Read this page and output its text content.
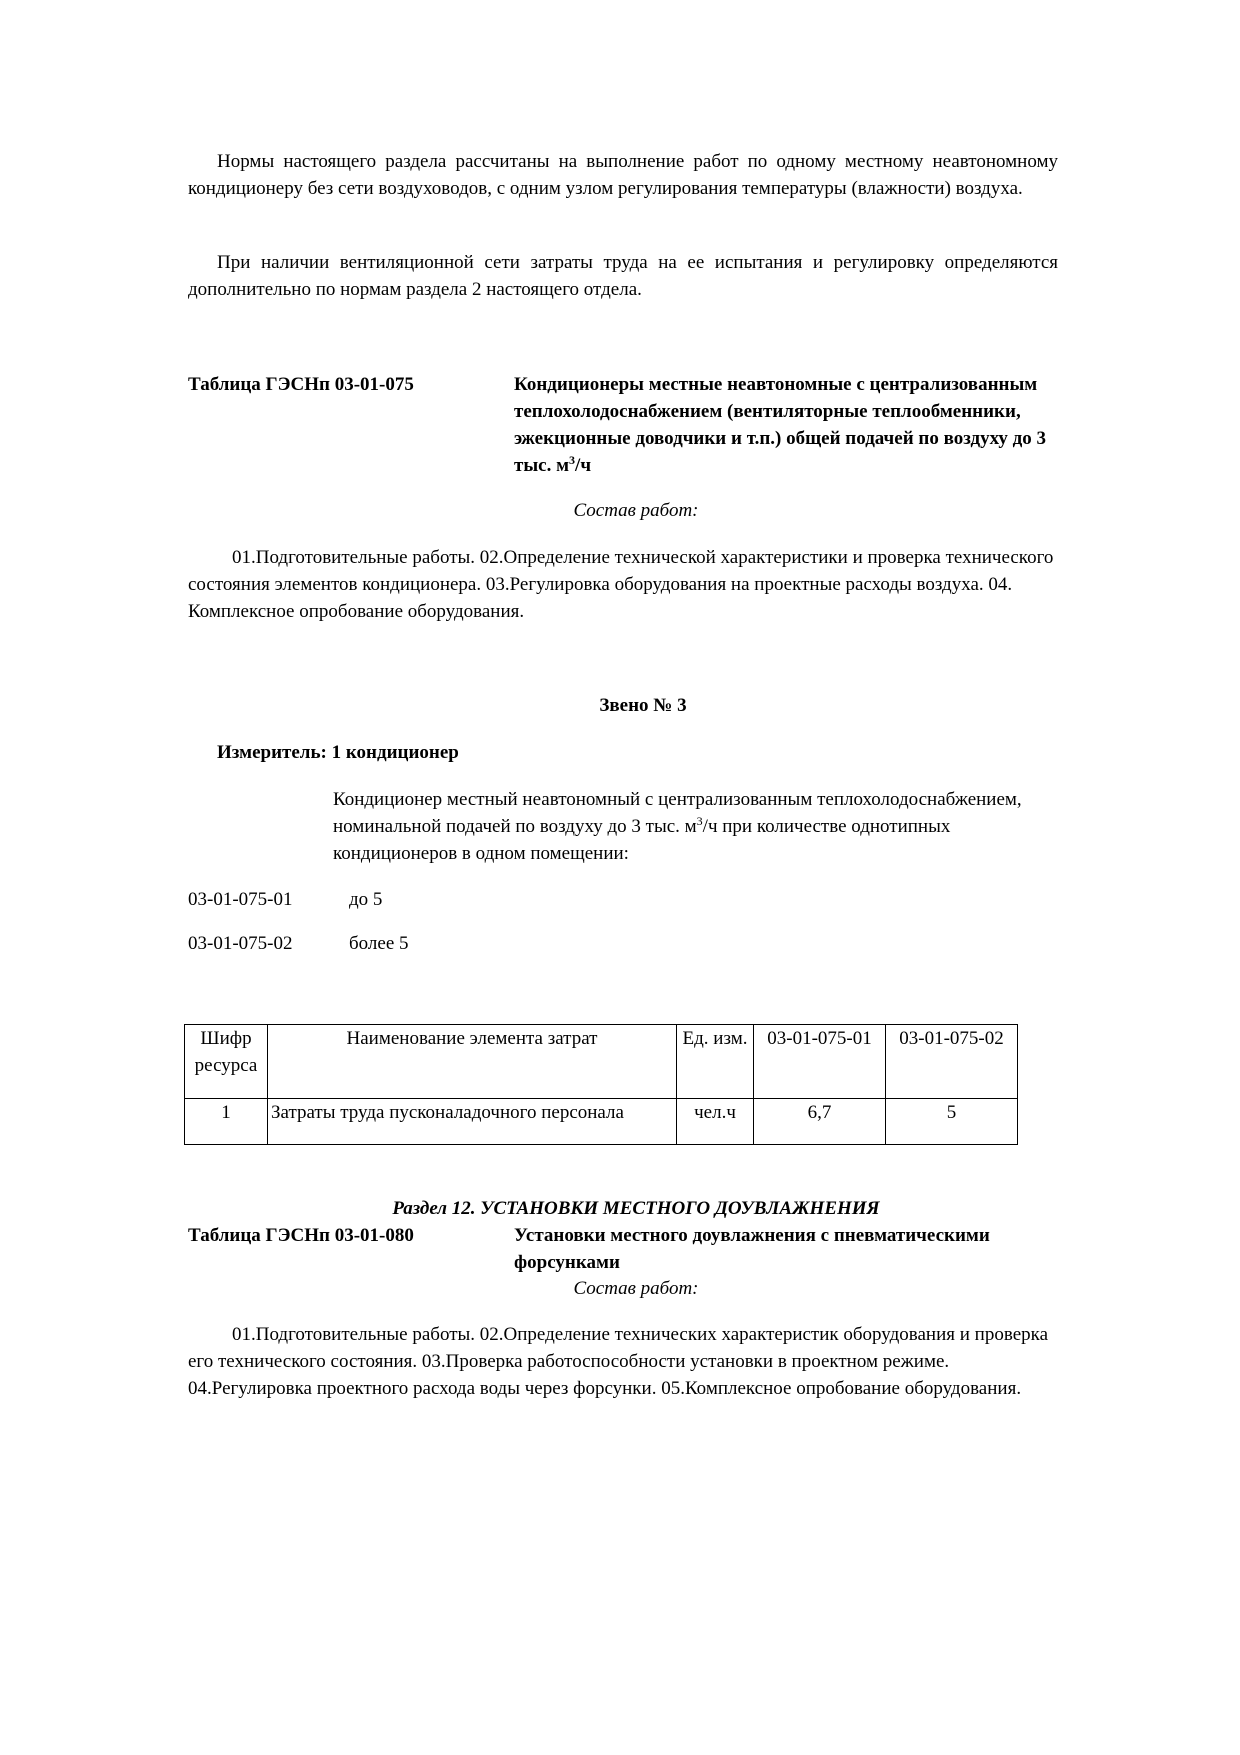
Нормы настоящего раздела рассчитаны на выполнение работ по одному местному неавтономному кондиционеру без сети воздуховодов, с одним узлом регулирования температуры (влажности) воздуха.

При наличии вентиляционной сети затраты труда на ее испытания и регулировку определяются дополнительно по нормам раздела 2 настоящего отдела.

Таблица ГЭСНп 03-01-075	Кондиционеры местные неавтономные с централизованным теплохолодоснабжением (вентиляторные теплообменники, эжекционные доводчики и т.п.) общей подачей по воздуху до 3 тыс. $м^3/ч$
Состав работ:

01.Подготовительные работы. 02.Определение технической характеристики и проверка технического состояния элементов кондиционера. 03.Регулировка оборудования на проектные расходы воздуха. 04. Комплексное опробование оборудования.

Звено № 3
Измеритель: 1 кондиционер

Кондиционер местный неавтономный с централизованным теплохолодоснабжением, номинальной подачей по воздуху до 3 тыс. $м^3/ч$ при количестве однотипных кондиционеров в одном помещении:

03-01-075-01	до 5
03-01-075-02	более 5
Шифр ресурса	Наименование элемента затрат	Ед. изм.	03-01-075-01	03-01-075-02
1	Затраты труда пусконаладочного персонала	чел.ч	6,7	5
Раздел 12. УСТАНОВКИ МЕСТНОГО ДОУВЛАЖНЕНИЯ
Таблица ГЭСНп 03-01-080	Установки местного доувлажнения с пневматическими форсунками
Состав работ:

01.Подготовительные работы. 02.Определение технических характеристик оборудования и проверка его технического состояния. 03.Проверка работоспособности установки в проектном режиме. 04.Регулировка проектного расхода воды через форсунки. 05.Комплексное опробование оборудования.
